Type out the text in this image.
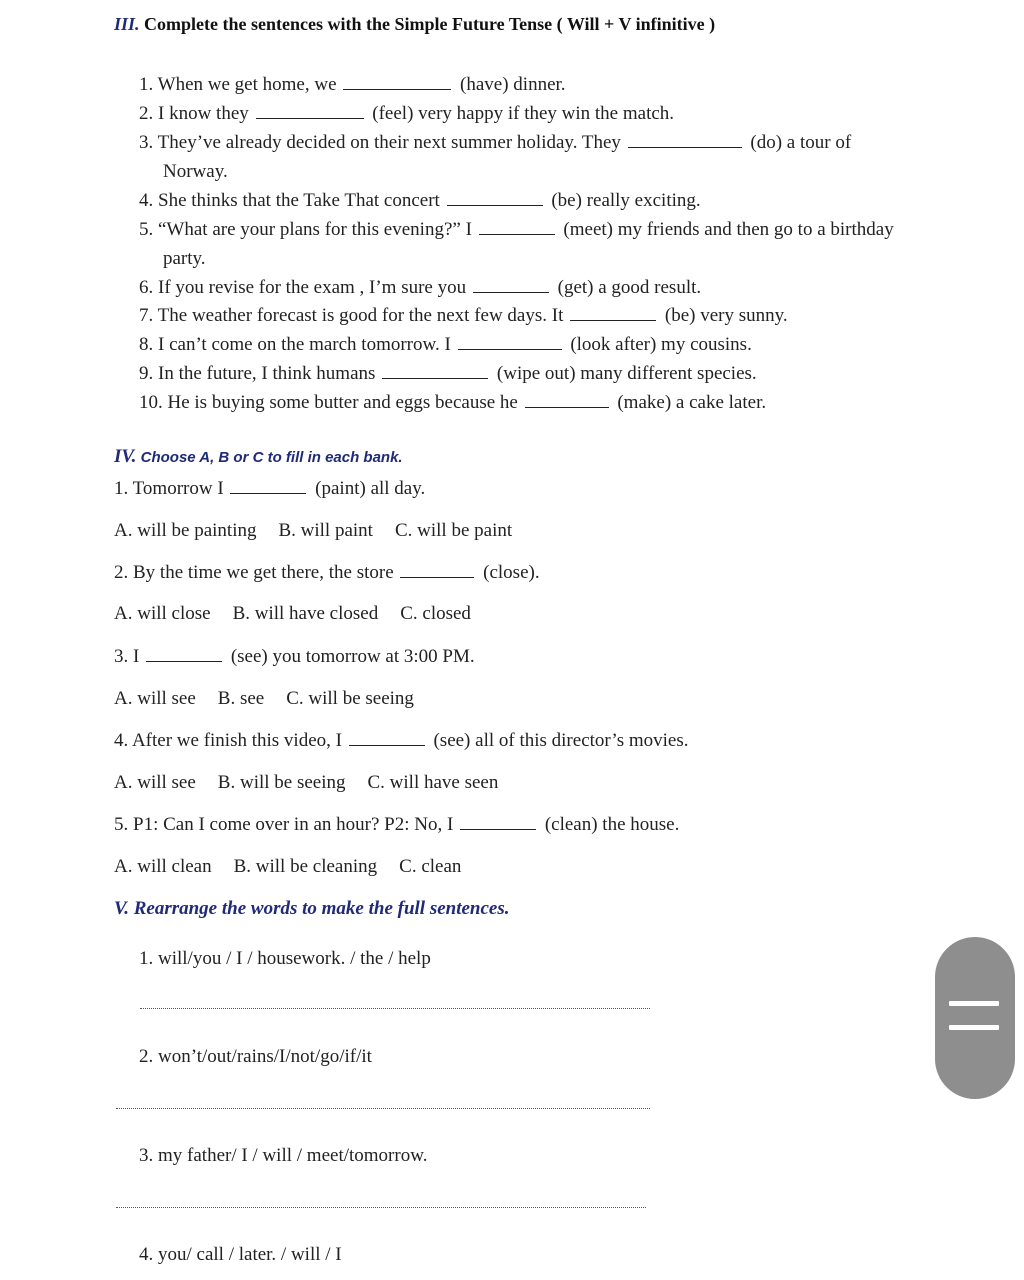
III. Complete the sentences with the Simple Future Tense ( Will + V infinitive )
1. When we get home, we	(have) dinner.
2. I know they	(feel) very happy if they win the match.
3. They’ve already decided on their next summer holiday. They	(do) a tour of
Norway.
4. She thinks that the Take That concert	(be) really exciting.
5. “What are your plans for this evening?” I	(meet) my friends and then go to a birthday
party.
6. If you revise for the exam , I’m sure you	(get) a good result.
7. The weather forecast is good for the next few days. It	(be) very sunny.
8. I can’t come on the march tomorrow. I	(look after) my cousins.
9. In the future, I think humans	(wipe out) many different species.
10. He is buying some butter and eggs because he	(make) a cake later.
IV. Choose A, B or C to fill in each bank.
1. Tomorrow I	(paint) all day.
A. will be painting B. will paint C. will be paint
2. By the time we get there, the store	(close).
A. will close B. will have closed C. closed
3. I	(see) you tomorrow at 3:00 PM.
A. will see B. see C. will be seeing
4. After we finish this video, I	(see) all of this director’s movies.
A. will see B. will be seeing C. will have seen
5. P1: Can I come over in an hour? P2: No, I	(clean) the house.
A. will clean B. will be cleaning C. clean
V. Rearrange the words to make the full sentences.
1. will/you / I / housework. / the / help
2. won’t/out/rains/I/not/go/if/it
3. my father/ I / will / meet/tomorrow.
4. you/ call / later. / will / I
